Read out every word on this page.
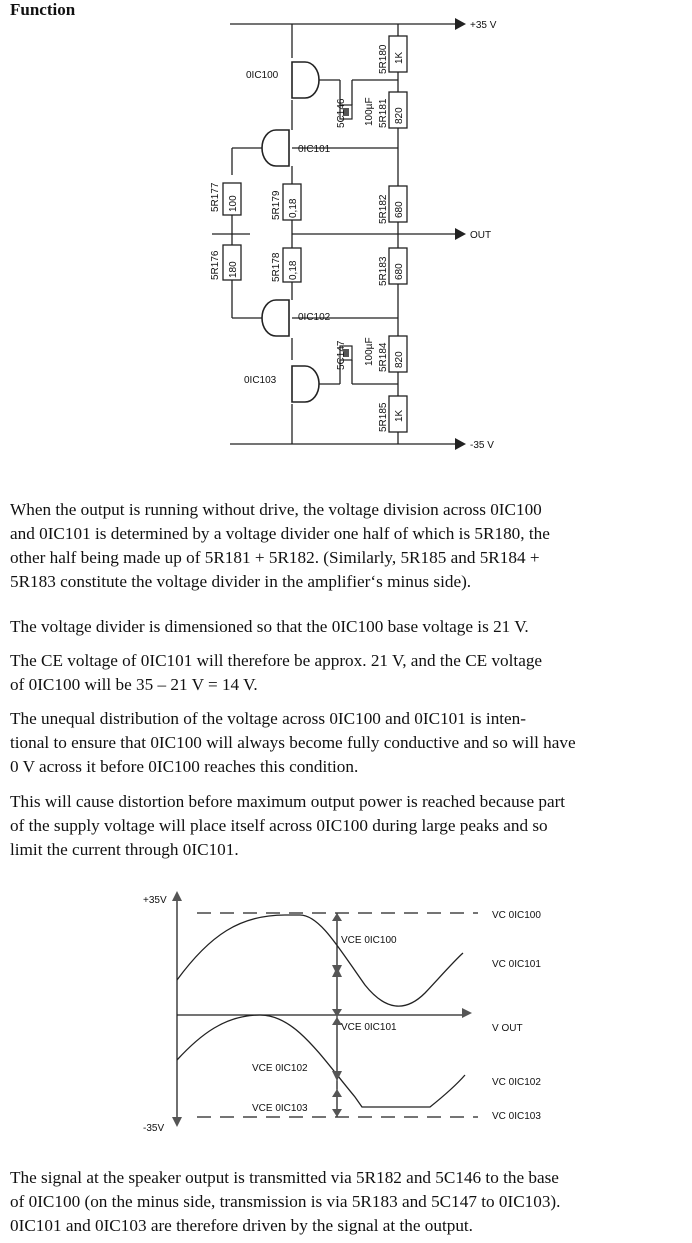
Function
+35 V
OUT
-35 V
0IC100
0IC101
0IC102
0IC103
5R177 100
5R176 180
5R179 0,18
5R178 0,18
5R180 1K
5R181 820
5R182 680
5R183 680
5R184 820
5R185 1K
5C146 100µF
5C147 100µF

When the output is running without drive, the voltage division across 0IC100
and 0IC101 is determined by a voltage divider one half of which is 5R180, the
other half being made up of 5R181 + 5R182. (Similarly, 5R185 and 5R184 +
5R183 constitute the voltage divider in the amplifier‘s minus side).

The voltage divider is dimensioned so that the 0IC100 base voltage is 21 V.

The CE voltage of 0IC101 will therefore be approx. 21 V, and the CE voltage
of 0IC100 will be 35 – 21 V = 14 V.

The unequal distribution of the voltage across 0IC100 and 0IC101 is inten-
tional to ensure that 0IC100 will always become fully conductive and so will have
0 V across it before 0IC100 reaches this condition.

This will cause distortion before maximum output power is reached because part
of the supply voltage will place itself across 0IC100 during large peaks and so
limit the current through 0IC101.

+35V
-35V
VC 0IC100
VC 0IC101
V OUT
VC 0IC102
VC 0IC103
VCE 0IC100
VCE 0IC101
VCE 0IC102
VCE 0IC103

The signal at the speaker output is transmitted via 5R182 and 5C146 to the base
of 0IC100 (on the minus side, transmission is via 5R183 and 5C147 to 0IC103).
0IC101 and 0IC103 are therefore driven by the signal at the output.
